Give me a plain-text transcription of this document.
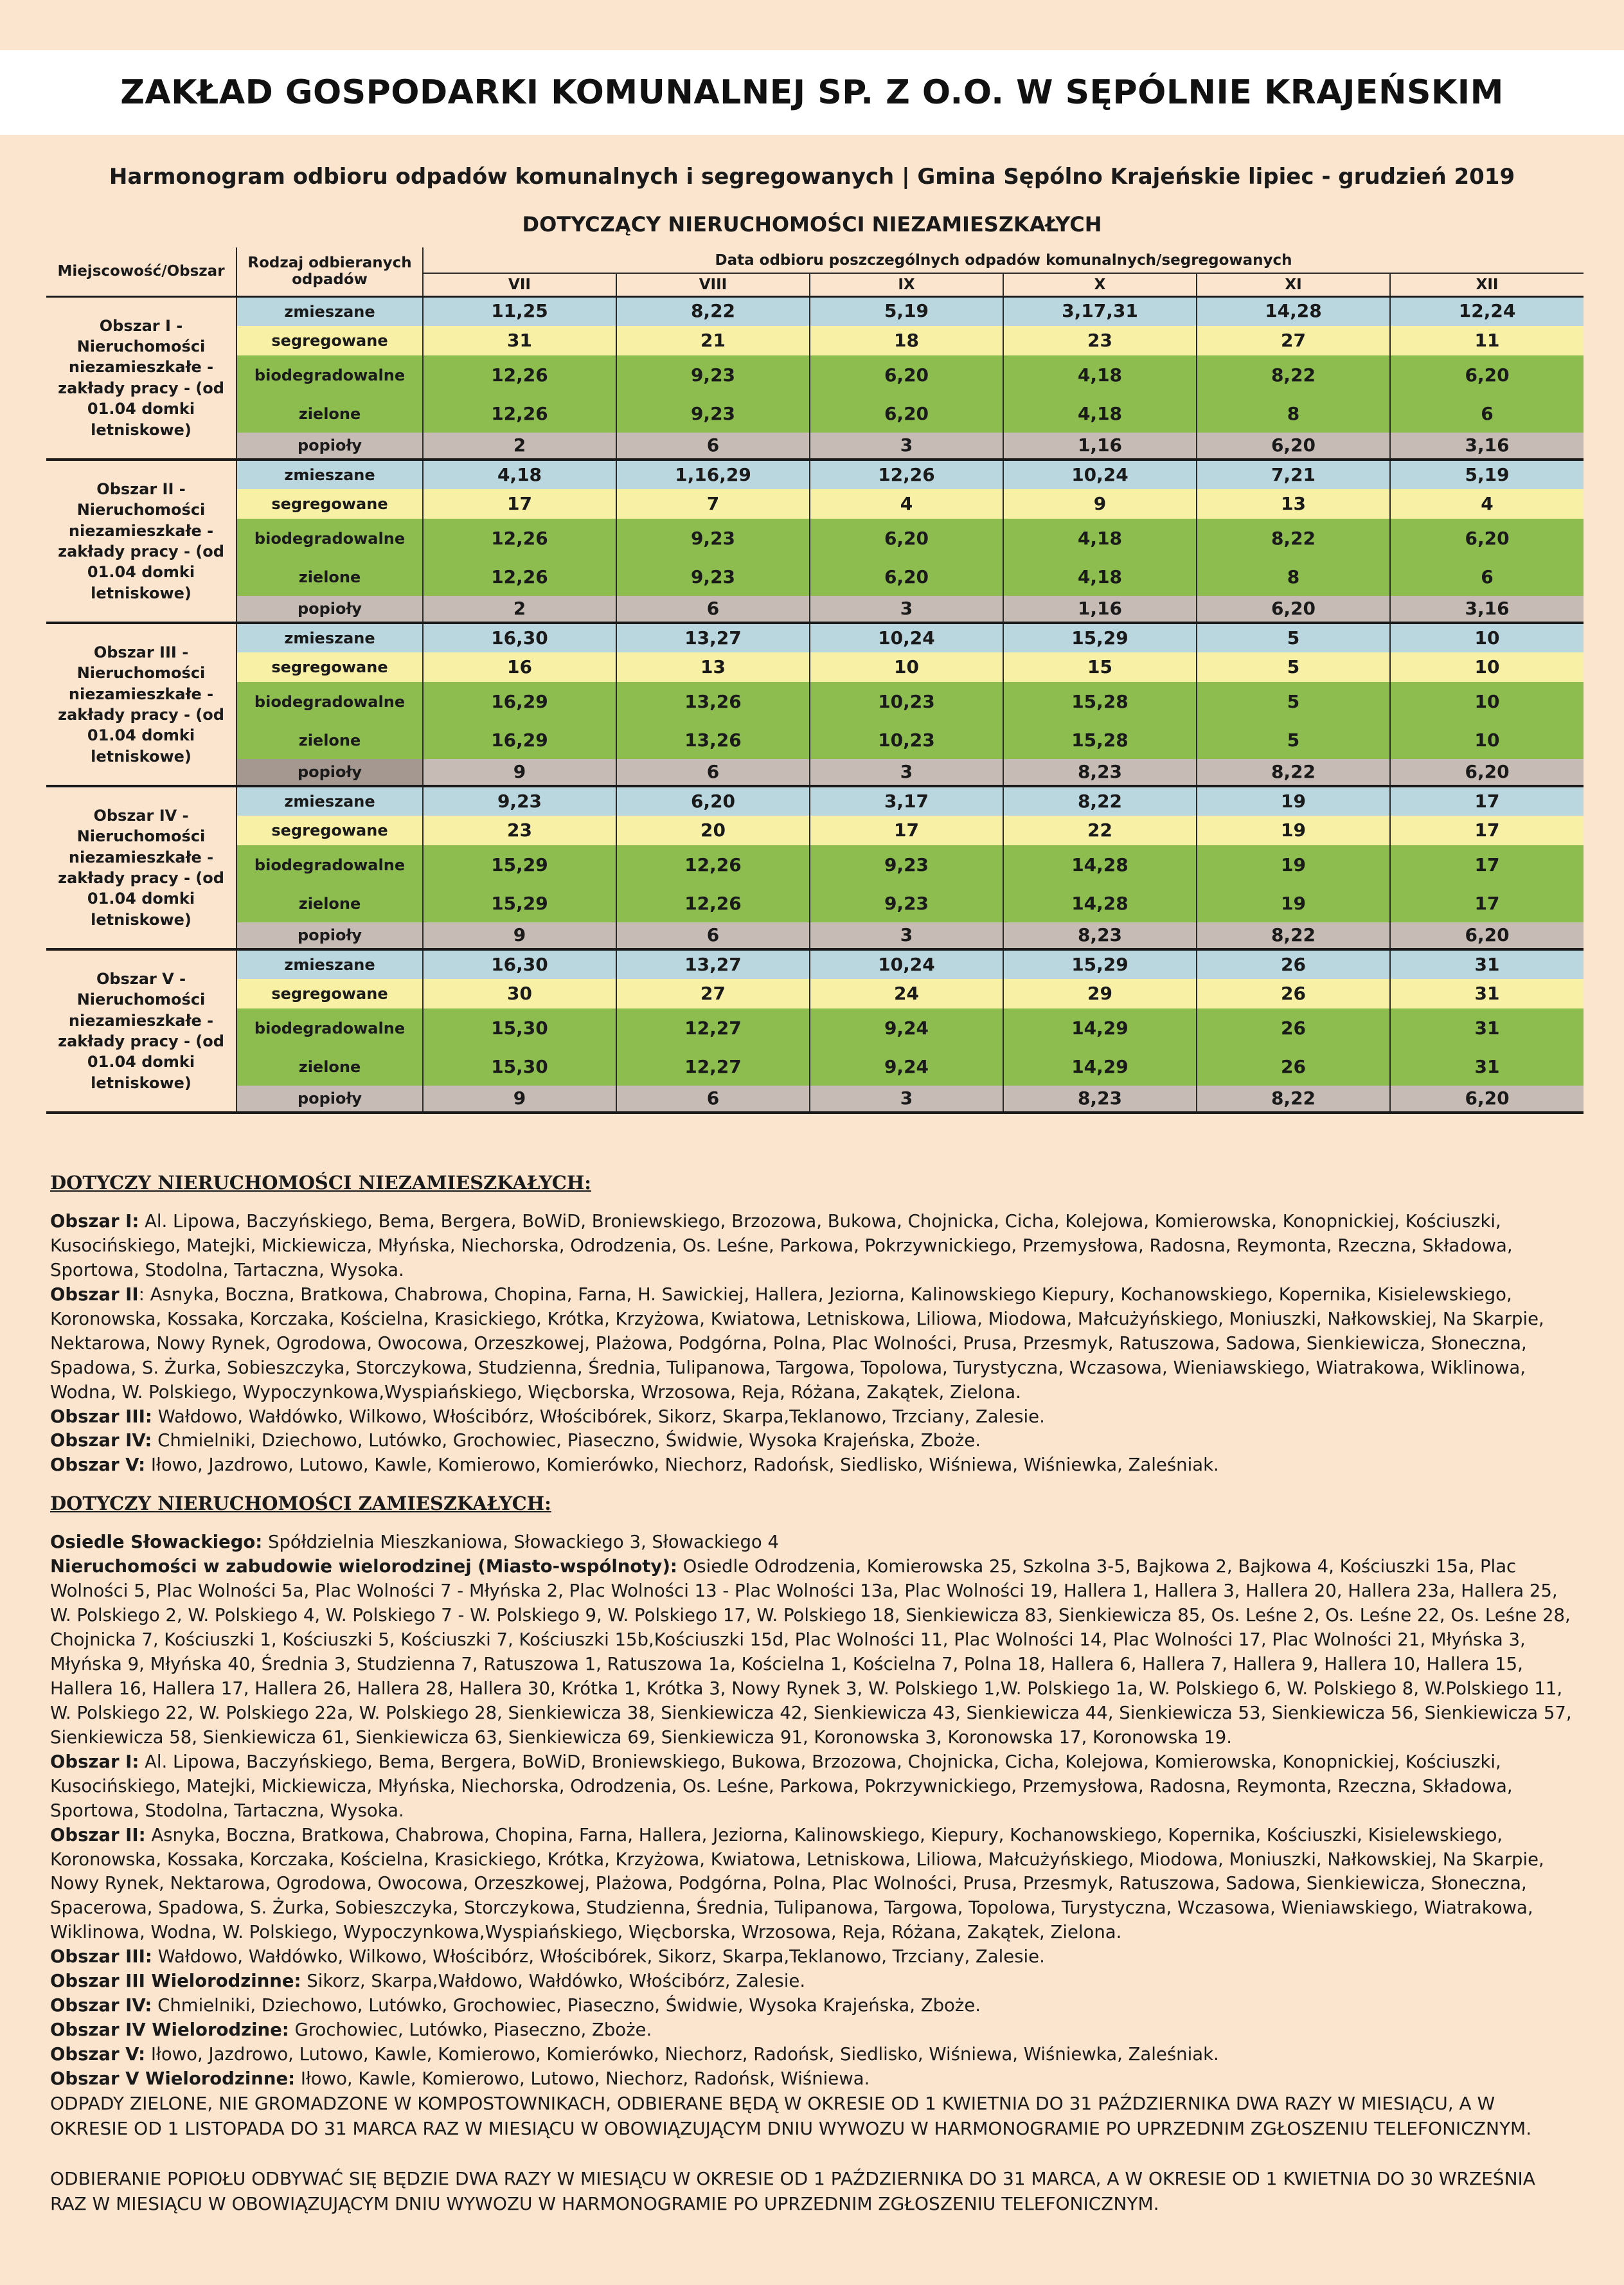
ZAKŁAD GOSPODARKI KOMUNALNEJ SP. Z O.O. W SĘPÓLNIE KRAJEŃSKIM
Harmonogram odbioru odpadów komunalnych i segregowanych | Gmina Sępólno Krajeńskie lipiec - grudzień 2019
DOTYCZĄCY NIERUCHOMOŚCI NIEZAMIESZKAŁYCH
Miejscowość/Obszar	Rodzaj odbieranych odpadów	Data odbioru poszczególnych odpadów komunalnych/segregowanych					
		VII	VIII	IX	X	XI	XII
Obszar I - Nieruchomości niezamieszkałe - zakłady pracy - (od 01.04 domki letniskowe)	zmieszane	11,25	8,22	5,19	3,17,31	14,28	12,24
	segregowane	31	21	18	23	27	11
	biodegradowalne	12,26	9,23	6,20	4,18	8,22	6,20
	zielone	12,26	9,23	6,20	4,18	8	6
	popioły	2	6	3	1,16	6,20	3,16
Obszar II - Nieruchomości niezamieszkałe - zakłady pracy - (od 01.04 domki letniskowe)	zmieszane	4,18	1,16,29	12,26	10,24	7,21	5,19
	segregowane	17	7	4	9	13	4
	biodegradowalne	12,26	9,23	6,20	4,18	8,22	6,20
	zielone	12,26	9,23	6,20	4,18	8	6
	popioły	2	6	3	1,16	6,20	3,16
Obszar III - Nieruchomości niezamieszkałe - zakłady pracy - (od 01.04 domki letniskowe)	zmieszane	16,30	13,27	10,24	15,29	5	10
	segregowane	16	13	10	15	5	10
	biodegradowalne	16,29	13,26	10,23	15,28	5	10
	zielone	16,29	13,26	10,23	15,28	5	10
	popioły	9	6	3	8,23	8,22	6,20
Obszar IV - Nieruchomości niezamieszkałe - zakłady pracy - (od 01.04 domki letniskowe)	zmieszane	9,23	6,20	3,17	8,22	19	17
	segregowane	23	20	17	22	19	17
	biodegradowalne	15,29	12,26	9,23	14,28	19	17
	zielone	15,29	12,26	9,23	14,28	19	17
	popioły	9	6	3	8,23	8,22	6,20
Obszar V - Nieruchomości niezamieszkałe - zakłady pracy - (od 01.04 domki letniskowe)	zmieszane	16,30	13,27	10,24	15,29	26	31
	segregowane	30	27	24	29	26	31
	biodegradowalne	15,30	12,27	9,24	14,29	26	31
	zielone	15,30	12,27	9,24	14,29	26	31
	popioły	9	6	3	8,23	8,22	6,20
DOTYCZY NIERUCHOMOŚCI NIEZAMIESZKAŁYCH:

Obszar I: Al. Lipowa, Baczyńskiego, Bema, Bergera, BoWiD, Broniewskiego, Brzozowa, Bukowa, Chojnicka, Cicha, Kolejowa, Komierowska, Konopnickiej, Kościuszki, Kusocińskiego, Matejki, Mickiewicza, Młyńska, Niechorska, Odrodzenia, Os. Leśne, Parkowa, Pokrzywnickiego, Przemysłowa, Radosna, Reymonta, Rzeczna, Składowa, Sportowa, Stodolna, Tartaczna, Wysoka.

Obszar II: Asnyka, Boczna, Bratkowa, Chabrowa, Chopina, Farna, H. Sawickiej, Hallera, Jeziorna, Kalinowskiego Kiepury, Kochanowskiego, Kopernika, Kisielewskiego, Koronowska, Kossaka, Korczaka, Kościelna, Krasickiego, Krótka, Krzyżowa, Kwiatowa, Letniskowa, Liliowa, Miodowa, Małcużyńskiego, Moniuszki, Nałkowskiej, Na Skarpie, Nektarowa, Nowy Rynek, Ogrodowa, Owocowa, Orzeszkowej, Plażowa, Podgórna, Polna, Plac Wolności, Prusa, Przesmyk, Ratuszowa, Sadowa, Sienkiewicza, Słoneczna, Spadowa, S. Żurka, Sobieszczyka, Storczykowa, Studzienna, Średnia, Tulipanowa, Targowa, Topolowa, Turystyczna, Wczasowa, Wieniawskiego, Wiatrakowa, Wiklinowa, Wodna, W. Polskiego, Wypoczynkowa,Wyspiańskiego, Więcborska, Wrzosowa, Reja, Różana, Zakątek, Zielona.

Obszar III: Wałdowo, Wałdówko, Wilkowo, Włościbórz, Włościbórek, Sikorz, Skarpa,Teklanowo, Trzciany, Zalesie.

Obszar IV: Chmielniki, Dziechowo, Lutówko, Grochowiec, Piaseczno, Świdwie, Wysoka Krajeńska, Zboże.

Obszar V: Iłowo, Jazdrowo, Lutowo, Kawle, Komierowo, Komierówko, Niechorz, Radońsk, Siedlisko, Wiśniewa, Wiśniewka, Zaleśniak.

DOTYCZY NIERUCHOMOŚCI ZAMIESZKAŁYCH:

Osiedle Słowackiego: Spółdzielnia Mieszkaniowa, Słowackiego 3, Słowackiego 4

Nieruchomości w zabudowie wielorodzinej (Miasto-wspólnoty): Osiedle Odrodzenia, Komierowska 25, Szkolna 3-5, Bajkowa 2, Bajkowa 4, Kościuszki 15a, Plac Wolności 5, Plac Wolności 5a, Plac Wolności 7 - Młyńska 2, Plac Wolności 13 - Plac Wolności 13a, Plac Wolności 19, Hallera 1, Hallera 3, Hallera 20, Hallera 23a, Hallera 25, W. Polskiego 2, W. Polskiego 4, W. Polskiego 7 - W. Polskiego 9, W. Polskiego 17, W. Polskiego 18, Sienkiewicza 83, Sienkiewicza 85, Os. Leśne 2, Os. Leśne 22, Os. Leśne 28, Chojnicka 7, Kościuszki 1, Kościuszki 5, Kościuszki 7, Kościuszki 15b,Kościuszki 15d, Plac Wolności 11, Plac Wolności 14, Plac Wolności 17, Plac Wolności 21, Młyńska 3, Młyńska 9, Młyńska 40, Średnia 3, Studzienna 7, Ratuszowa 1, Ratuszowa 1a, Kościelna 1, Kościelna 7, Polna 18, Hallera 6, Hallera 7, Hallera 9, Hallera 10, Hallera 15, Hallera 16, Hallera 17, Hallera 26, Hallera 28, Hallera 30, Krótka 1, Krótka 3, Nowy Rynek 3, W. Polskiego 1,W. Polskiego 1a, W. Polskiego 6, W. Polskiego 8, W.Polskiego 11, W. Polskiego 22, W. Polskiego 22a, W. Polskiego 28, Sienkiewicza 38, Sienkiewicza 42, Sienkiewicza 43, Sienkiewicza 44, Sienkiewicza 53, Sienkiewicza 56, Sienkiewicza 57, Sienkiewicza 58, Sienkiewicza 61, Sienkiewicza 63, Sienkiewicza 69, Sienkiewicza 91, Koronowska 3, Koronowska 17, Koronowska 19.

Obszar I: Al. Lipowa, Baczyńskiego, Bema, Bergera, BoWiD, Broniewskiego, Bukowa, Brzozowa, Chojnicka, Cicha, Kolejowa, Komierowska, Konopnickiej, Kościuszki, Kusocińskiego, Matejki, Mickiewicza, Młyńska, Niechorska, Odrodzenia, Os. Leśne, Parkowa, Pokrzywnickiego, Przemysłowa, Radosna, Reymonta, Rzeczna, Składowa, Sportowa, Stodolna, Tartaczna, Wysoka.

Obszar II: Asnyka, Boczna, Bratkowa, Chabrowa, Chopina, Farna, Hallera, Jeziorna, Kalinowskiego, Kiepury, Kochanowskiego, Kopernika, Kościuszki, Kisielewskiego, Koronowska, Kossaka, Korczaka, Kościelna, Krasickiego, Krótka, Krzyżowa, Kwiatowa, Letniskowa, Liliowa, Małcużyńskiego, Miodowa, Moniuszki, Nałkowskiej, Na Skarpie, Nowy Rynek, Nektarowa, Ogrodowa, Owocowa, Orzeszkowej, Plażowa, Podgórna, Polna, Plac Wolności, Prusa, Przesmyk, Ratuszowa, Sadowa, Sienkiewicza, Słoneczna, Spacerowa, Spadowa, S. Żurka, Sobieszczyka, Storczykowa, Studzienna, Średnia, Tulipanowa, Targowa, Topolowa, Turystyczna, Wczasowa, Wieniawskiego, Wiatrakowa, Wiklinowa, Wodna, W. Polskiego, Wypoczynkowa,Wyspiańskiego, Więcborska, Wrzosowa, Reja, Różana, Zakątek, Zielona.

Obszar III: Wałdowo, Wałdówko, Wilkowo, Włościbórz, Włościbórek, Sikorz, Skarpa,Teklanowo, Trzciany, Zalesie.

Obszar III Wielorodzinne: Sikorz, Skarpa,Wałdowo, Wałdówko, Włościbórz, Zalesie.

Obszar IV: Chmielniki, Dziechowo, Lutówko, Grochowiec, Piaseczno, Świdwie, Wysoka Krajeńska, Zboże.

Obszar IV Wielorodzine: Grochowiec, Lutówko, Piaseczno, Zboże.

Obszar V: Iłowo, Jazdrowo, Lutowo, Kawle, Komierowo, Komierówko, Niechorz, Radońsk, Siedlisko, Wiśniewa, Wiśniewka, Zaleśniak.

Obszar V Wielorodzinne: Iłowo, Kawle, Komierowo, Lutowo, Niechorz, Radońsk, Wiśniewa.

ODPADY ZIELONE, NIE GROMADZONE W KOMPOSTOWNIKACH, ODBIERANE BĘDĄ W OKRESIE OD 1 KWIETNIA DO 31 PAŹDZIERNIKA DWA RAZY W MIESIĄCU, A W OKRESIE OD 1 LISTOPADA DO 31 MARCA RAZ W MIESIĄCU W OBOWIĄZUJĄCYM DNIU WYWOZU W HARMONOGRAMIE PO UPRZEDNIM ZGŁOSZENIU TELEFONICZNYM.

ODBIERANIE POPIOŁU ODBYWAĆ SIĘ BĘDZIE DWA RAZY W MIESIĄCU W OKRESIE OD 1 PAŹDZIERNIKA DO 31 MARCA, A W OKRESIE OD 1 KWIETNIA DO 30 WRZEŚNIA RAZ W MIESIĄCU W OBOWIĄZUJĄCYM DNIU WYWOZU W HARMONOGRAMIE PO UPRZEDNIM ZGŁOSZENIU TELEFONICZNYM.
